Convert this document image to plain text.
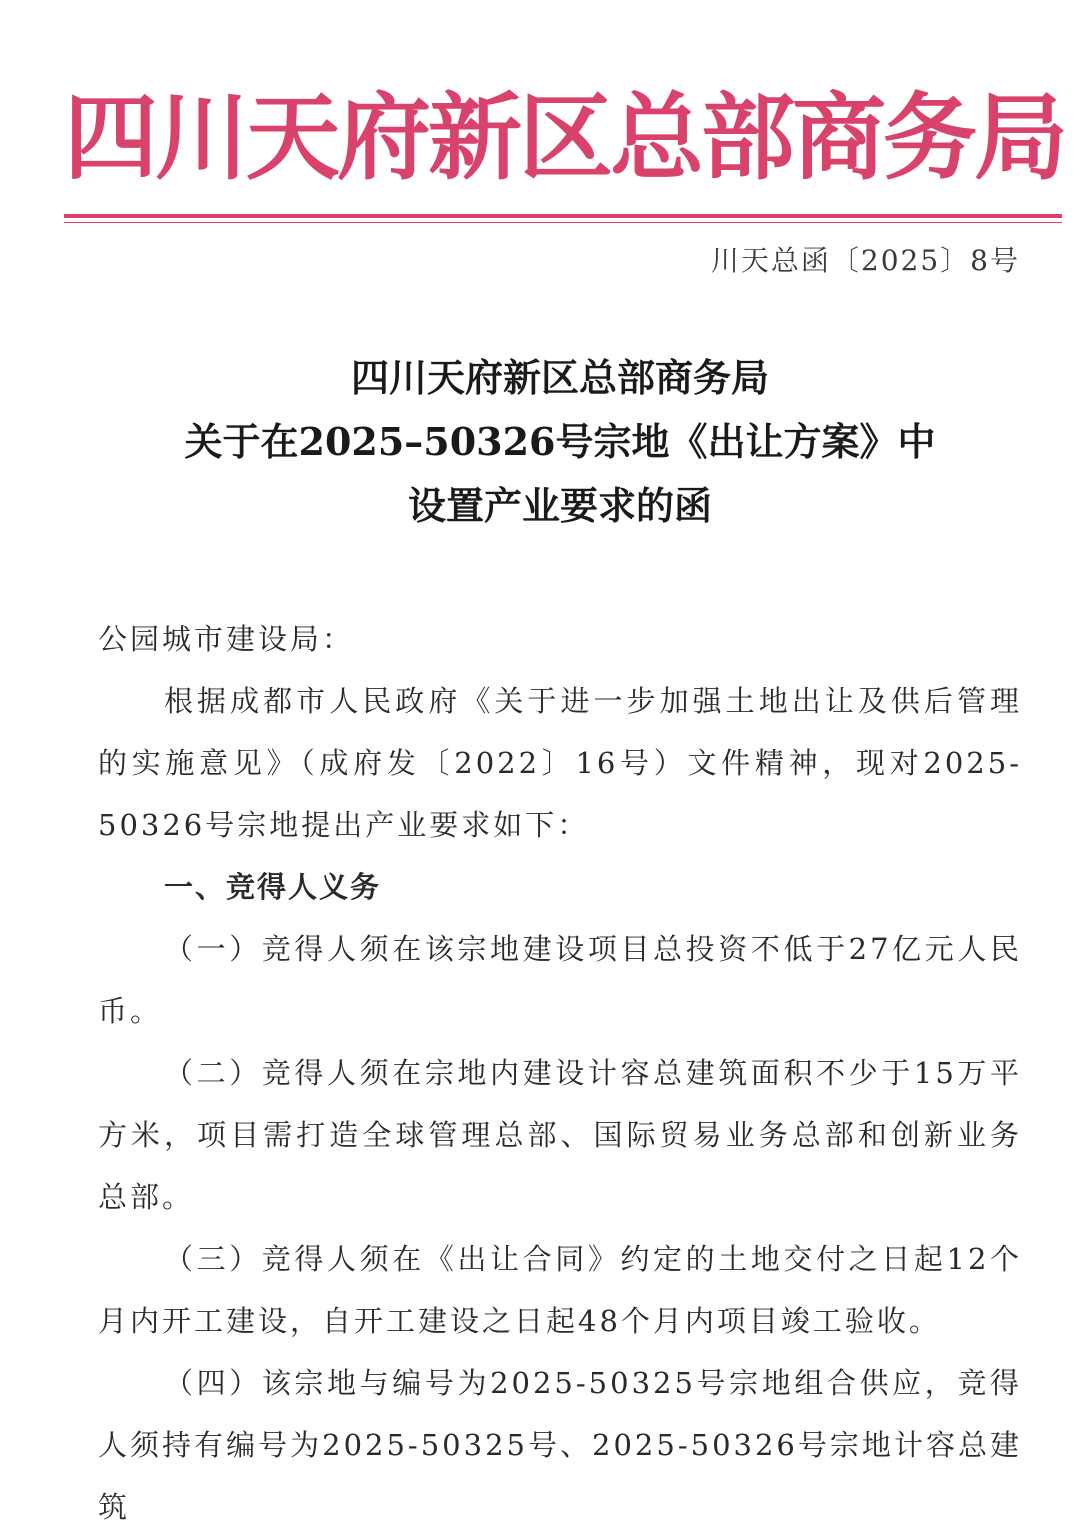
四川天府新区总部商务局
川天总函〔2025〕8号
四川天府新区总部商务局
关于在2025–50326号宗地《出让方案》中
设置产业要求的函

公园城市建设局：

根据成都市人民政府《关于进一步加强土地出让及供后管理的实施意见》（成府发〔2022〕16号）文件精神，现对2025-50326号宗地提出产业要求如下：

一、竞得人义务

（一）竞得人须在该宗地建设项目总投资不低于27亿元人民币。

（二）竞得人须在宗地内建设计容总建筑面积不少于15万平方米，项目需打造全球管理总部、国际贸易业务总部和创新业务总部。

（三）竞得人须在《出让合同》约定的土地交付之日起12个月内开工建设，自开工建设之日起48个月内项目竣工验收。

（四）该宗地与编号为2025-50325号宗地组合供应，竞得人须持有编号为2025-50325号、2025-50326号宗地计容总建筑
